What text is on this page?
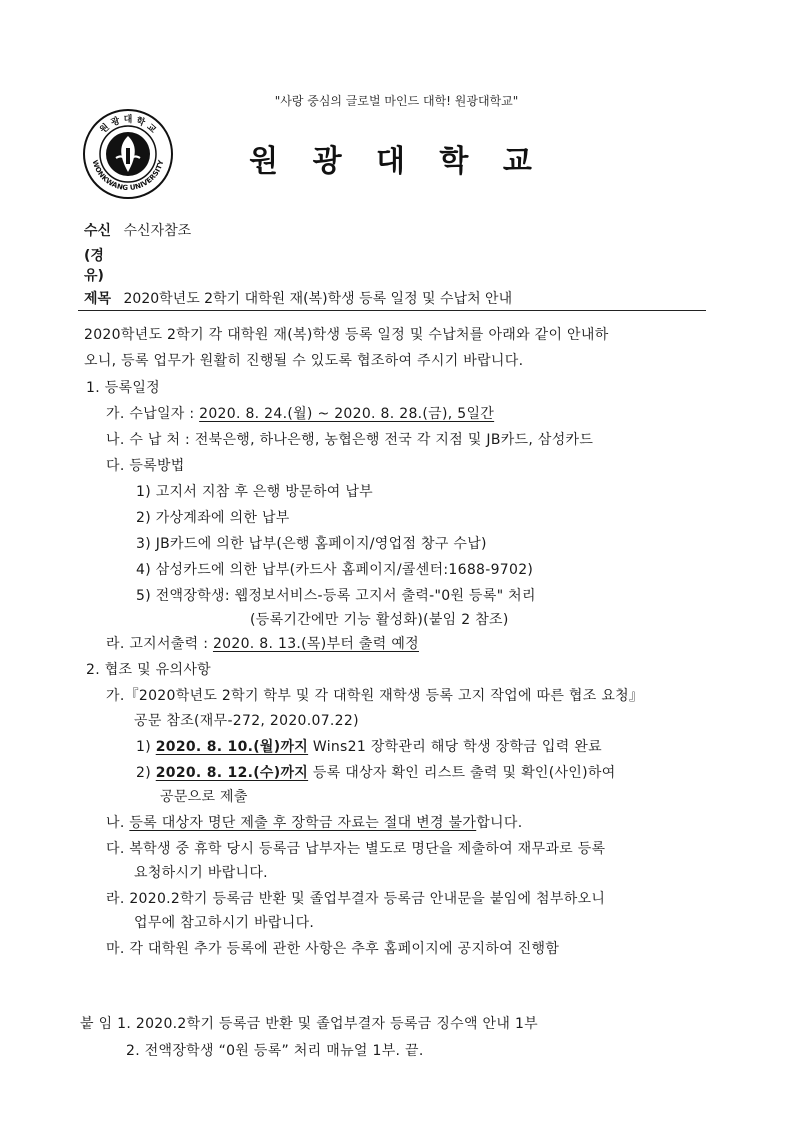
"사랑 중심의 글로벌 마인드 대학! 원광대학교"
원 광 대 학 교
WONKWANG UNIVERSITY	원 광 대 학 교
수신 수신자참조
(경
유)
제목 2020학년도 2학기 대학원 재(복)학생 등록 일정 및 수납처 안내
2020학년도 2학기 각 대학원 재(복)학생 등록 일정 및 수납처를 아래와 같이 안내하
오니, 등록 업무가 원활히 진행될 수 있도록 협조하여 주시기 바랍니다.
1. 등록일정
가. 수납일자 : 2020. 8. 24.(월) ~ 2020. 8. 28.(금), 5일간
나. 수 납 처 : 전북은행, 하나은행, 농협은행 전국 각 지점 및 JB카드, 삼성카드
다. 등록방법
1) 고지서 지참 후 은행 방문하여 납부
2) 가상계좌에 의한 납부
3) JB카드에 의한 납부(은행 홈페이지/영업점 창구 수납)
4) 삼성카드에 의한 납부(카드사 홈페이지/콜센터:1688-9702)
5) 전액장학생: 웹정보서비스-등록 고지서 출력-"0원 등록" 처리
(등록기간에만 기능 활성화)(붙임 2 참조)
라. 고지서출력 : 2020. 8. 13.(목)부터 출력 예정
2. 협조 및 유의사항
가.『2020학년도 2학기 학부 및 각 대학원 재학생 등록 고지 작업에 따른 협조 요청』
공문 참조(재무-272, 2020.07.22)
1) 2020. 8. 10.(월)까지 Wins21 장학관리 해당 학생 장학금 입력 완료
2) 2020. 8. 12.(수)까지 등록 대상자 확인 리스트 출력 및 확인(사인)하여
공문으로 제출
나. 등록 대상자 명단 제출 후 장학금 자료는 절대 변경 불가합니다.
다. 복학생 중 휴학 당시 등록금 납부자는 별도로 명단을 제출하여 재무과로 등록
요청하시기 바랍니다.
라. 2020.2학기 등록금 반환 및 졸업부결자 등록금 안내문을 붙임에 첨부하오니
업무에 참고하시기 바랍니다.
마. 각 대학원 추가 등록에 관한 사항은 추후 홈페이지에 공지하여 진행함
붙 임 1. 2020.2학기 등록금 반환 및 졸업부결자 등록금 징수액 안내 1부
2. 전액장학생 “0원 등록” 처리 매뉴얼 1부. 끝.
